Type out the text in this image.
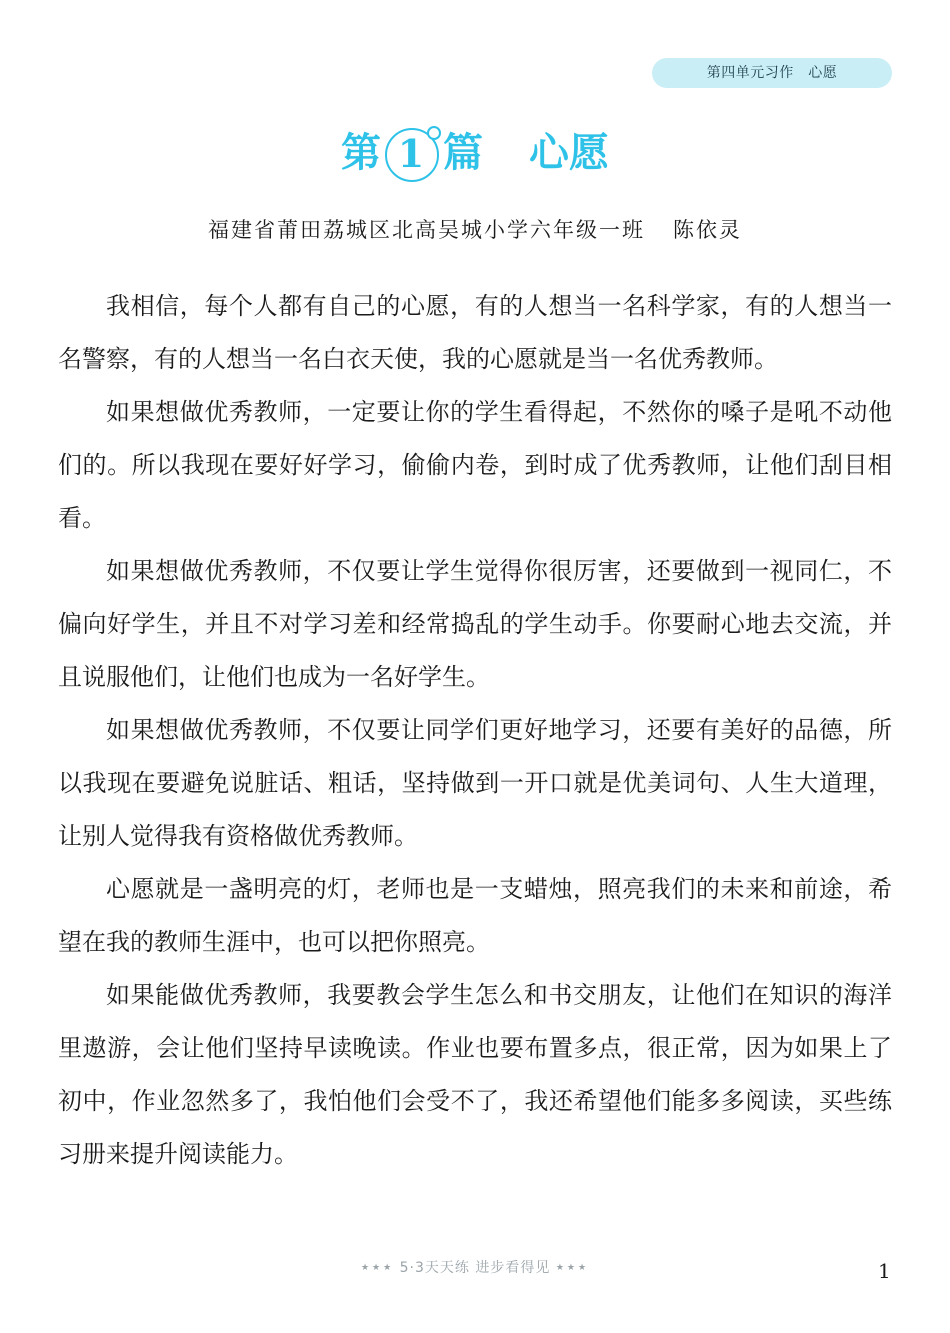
第四单元习作　心愿
第 1 篇 心愿
福建省莆田荔城区北高吴城小学六年级一班 陈依灵

我相信，每个人都有自己的心愿，有的人想当一名科学家，有的人想当一名警察，有的人想当一名白衣天使，我的心愿就是当一名优秀教师。

如果想做优秀教师，一定要让你的学生看得起，不然你的嗓子是吼不动他们的。所以我现在要好好学习，偷偷内卷，到时成了优秀教师，让他们刮目相看。

如果想做优秀教师，不仅要让学生觉得你很厉害，还要做到一视同仁，不偏向好学生，并且不对学习差和经常捣乱的学生动手。你要耐心地去交流，并且说服他们，让他们也成为一名好学生。

如果想做优秀教师，不仅要让同学们更好地学习，还要有美好的品德，所以我现在要避免说脏话、粗话，坚持做到一开口就是优美词句、人生大道理，让别人觉得我有资格做优秀教师。

心愿就是一盏明亮的灯，老师也是一支蜡烛，照亮我们的未来和前途，希望在我的教师生涯中，也可以把你照亮。

如果能做优秀教师，我要教会学生怎么和书交朋友，让他们在知识的海洋里遨游，会让他们坚持早读晚读。作业也要布置多点，很正常，因为如果上了初中，作业忽然多了，我怕他们会受不了，我还希望他们能多多阅读，买些练习册来提升阅读能力。

★★★ 5·3天天练 进步看得见 ★★★	1
